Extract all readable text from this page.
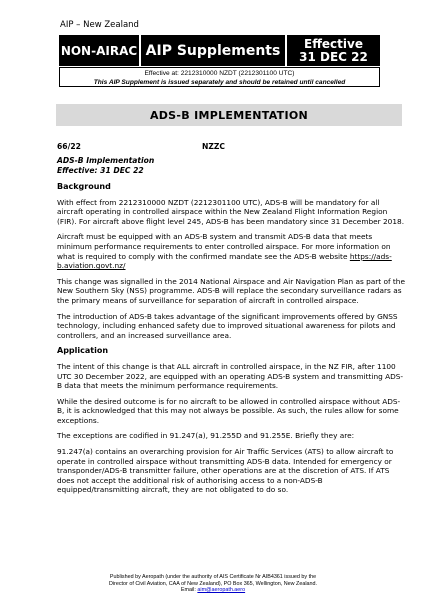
AIP – New Zealand
NON-AIRAC AIP Supplements	Effective
31 DEC 22
Effective at: 2212310000 NZDT (2212301100 UTC)
This AIP Supplement is issued separately and should be retained until cancelled
ADS-B IMPLEMENTATION
66/22	NZZC
ADS-B Implementation
Effective: 31 DEC 22
Background

With effect from 2212310000 NZDT (2212301100 UTC), ADS-B will be mandatory for all aircraft operating in controlled airspace within the New Zealand Flight Information Region (FIR). For aircraft above flight level 245, ADS-B has been mandatory since 31 December 2018.

Aircraft must be equipped with an ADS-B system and transmit ADS-B data that meets minimum performance requirements to enter controlled airspace. For more information on what is required to comply with the confirmed mandate see the ADS-B website https://ads-b.aviation.govt.nz/

This change was signalled in the 2014 National Airspace and Air Navigation Plan as part of the New Southern Sky (NSS) programme. ADS-B will replace the secondary surveillance radars as the primary means of surveillance for separation of aircraft in controlled airspace.

The introduction of ADS-B takes advantage of the significant improvements offered by GNSS technology, including enhanced safety due to improved situational awareness for pilots and controllers, and an increased surveillance area.

Application

The intent of this change is that ALL aircraft in controlled airspace, in the NZ FIR, after 1100 UTC 30 December 2022, are equipped with an operating ADS-B system and transmitting ADS-B data that meets the minimum performance requirements.

While the desired outcome is for no aircraft to be allowed in controlled airspace without ADS-B, it is acknowledged that this may not always be possible. As such, the rules allow for some exceptions.

The exceptions are codified in 91.247(a), 91.255D and 91.255E. Briefly they are:

91.247(a) contains an overarching provision for Air Traffic Services (ATS) to allow aircraft to operate in controlled airspace without transmitting ADS-B data. Intended for emergency or transponder/ADS-B transmitter failure, other operations are at the discretion of ATS. If ATS does not accept the additional risk of authorising access to a non-ADS-B equipped/transmitting aircraft, they are not obligated to do so.

Published by Aeropath (under the authority of AIS Certificate Nr AIB4361 issued by the
Director of Civil Aviation, CAA of New Zealand), PO Box 365, Wellington, New Zealand.
Email: aim@aeropath.aero
